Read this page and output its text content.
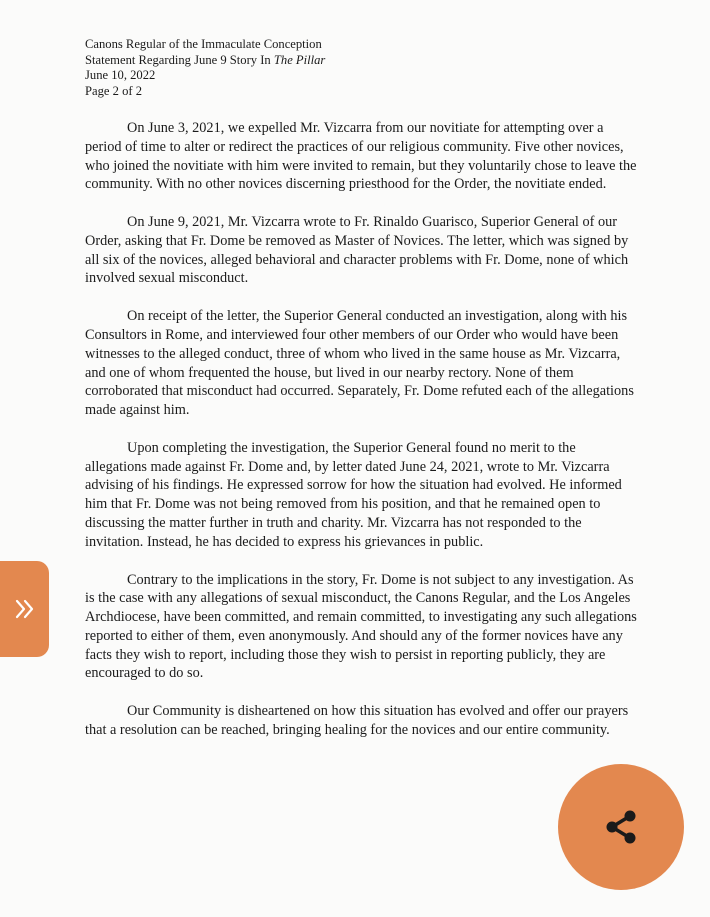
Canons Regular of the Immaculate Conception
Statement Regarding June 9 Story In The Pillar
June 10, 2022
Page 2 of 2

On June 3, 2021, we expelled Mr. Vizcarra from our novitiate for attempting over a period of time to alter or redirect the practices of our religious community. Five other novices, who joined the novitiate with him were invited to remain, but they voluntarily chose to leave the community. With no other novices discerning priesthood for the Order, the novitiate ended.

On June 9, 2021, Mr. Vizcarra wrote to Fr. Rinaldo Guarisco, Superior General of our Order, asking that Fr. Dome be removed as Master of Novices. The letter, which was signed by all six of the novices, alleged behavioral and character problems with Fr. Dome, none of which involved sexual misconduct.

On receipt of the letter, the Superior General conducted an investigation, along with his Consultors in Rome, and interviewed four other members of our Order who would have been witnesses to the alleged conduct, three of whom who lived in the same house as Mr. Vizcarra, and one of whom frequented the house, but lived in our nearby rectory. None of them corroborated that misconduct had occurred. Separately, Fr. Dome refuted each of the allegations made against him.

Upon completing the investigation, the Superior General found no merit to the allegations made against Fr. Dome and, by letter dated June 24, 2021, wrote to Mr. Vizcarra advising of his findings. He expressed sorrow for how the situation had evolved. He informed him that Fr. Dome was not being removed from his position, and that he remained open to discussing the matter further in truth and charity. Mr. Vizcarra has not responded to the invitation. Instead, he has decided to express his grievances in public.

Contrary to the implications in the story, Fr. Dome is not subject to any investigation. As is the case with any allegations of sexual misconduct, the Canons Regular, and the Los Angeles Archdiocese, have been committed, and remain committed, to investigating any such allegations reported to either of them, even anonymously. And should any of the former novices have any facts they wish to report, including those they wish to persist in reporting publicly, they are encouraged to do so.

Our Community is disheartened on how this situation has evolved and offer our prayers that a resolution can be reached, bringing healing for the novices and our entire community.
